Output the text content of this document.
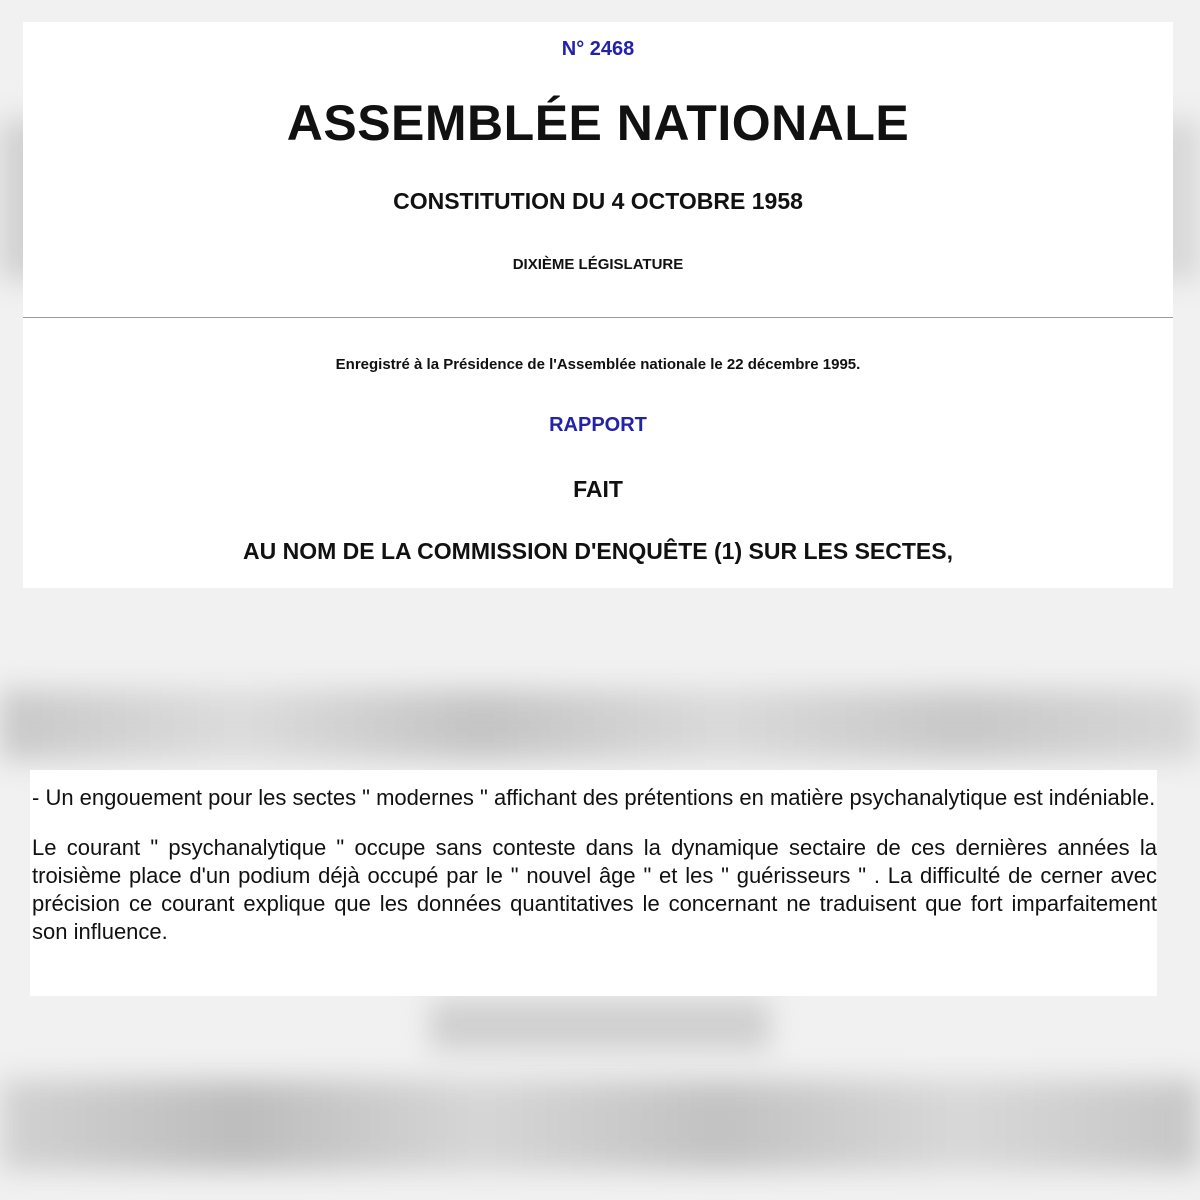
N° 2468
ASSEMBLÉE NATIONALE
CONSTITUTION DU 4 OCTOBRE 1958
DIXIÈME LÉGISLATURE
Enregistré à la Présidence de l'Assemblée nationale le 22 décembre 1995.
RAPPORT
FAIT
AU NOM DE LA COMMISSION D'ENQUÊTE (1) SUR LES SECTES,

- Un engouement pour les sectes " modernes " affichant des prétentions en matière psychanalytique est indéniable.

Le courant " psychanalytique " occupe sans conteste dans la dynamique sectaire de ces dernières années la troisième place d'un podium déjà occupé par le " nouvel âge " et les " guérisseurs " . La difficulté de cerner avec précision ce courant explique que les données quantitatives le concernant ne traduisent que fort imparfaitement son influence.
